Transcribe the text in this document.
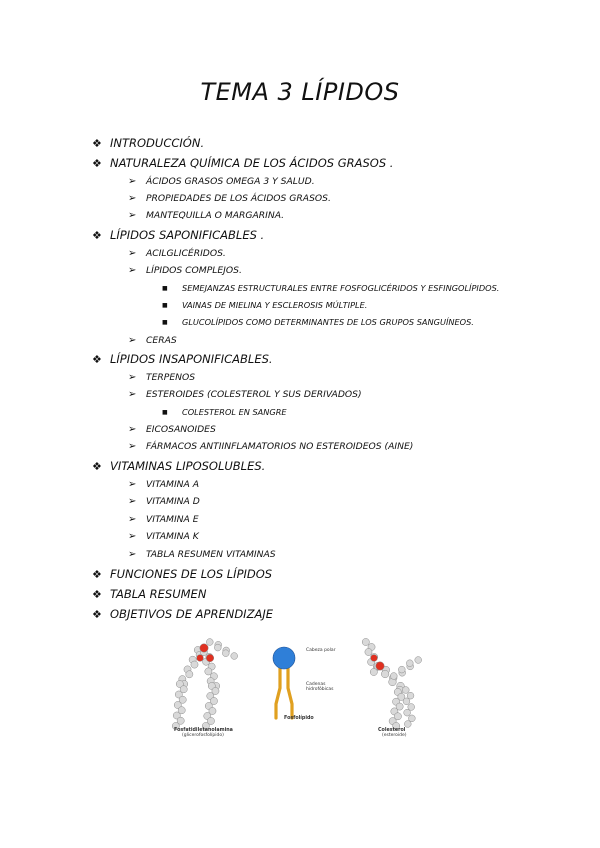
TEMA 3 LÍPIDOS
❖ INTRODUCCIÓN.
❖ NATURALEZA QUÍMICA DE LOS ÁCIDOS GRASOS .
➢ ÁCIDOS GRASOS OMEGA 3 Y SALUD.
➢ PROPIEDADES DE LOS ÁCIDOS GRASOS.
➢ MANTEQUILLA O MARGARINA.
❖ LÍPIDOS SAPONIFICABLES .
➢ ACILGLICÉRIDOS.
➢ LÍPIDOS COMPLEJOS.
■ SEMEJANZAS ESTRUCTURALES ENTRE FOSFOGLICÉRIDOS Y ESFINGOLÍPIDOS.
■ VAINAS DE MIELINA Y ESCLEROSIS MÚLTIPLE.
■ GLUCOLÍPIDOS COMO DETERMINANTES DE LOS GRUPOS SANGUÍNEOS.
➢ CERAS
❖ LÍPIDOS INSAPONIFICABLES.
➢ TERPENOS
➢ ESTEROIDES (COLESTEROL Y SUS DERIVADOS)
■ COLESTEROL EN SANGRE
➢ EICOSANOIDES
➢ FÁRMACOS ANTIINFLAMATORIOS NO ESTEROIDEOS (AINE)
❖ VITAMINAS LIPOSOLUBLES.
➢ VITAMINA A
➢ VITAMINA D
➢ VITAMINA E
➢ VITAMINA K
➢ TABLA RESUMEN VITAMINAS
❖ FUNCIONES DE LOS LÍPIDOS
❖ TABLA RESUMEN
❖ OBJETIVOS DE APRENDIZAJE
Fosfatidiletanolamina
(glicerofosfolípido)
Cabeza polar
Cadenas hidrofóbicas
Fosfolípido
Colesterol
(esteroide)
